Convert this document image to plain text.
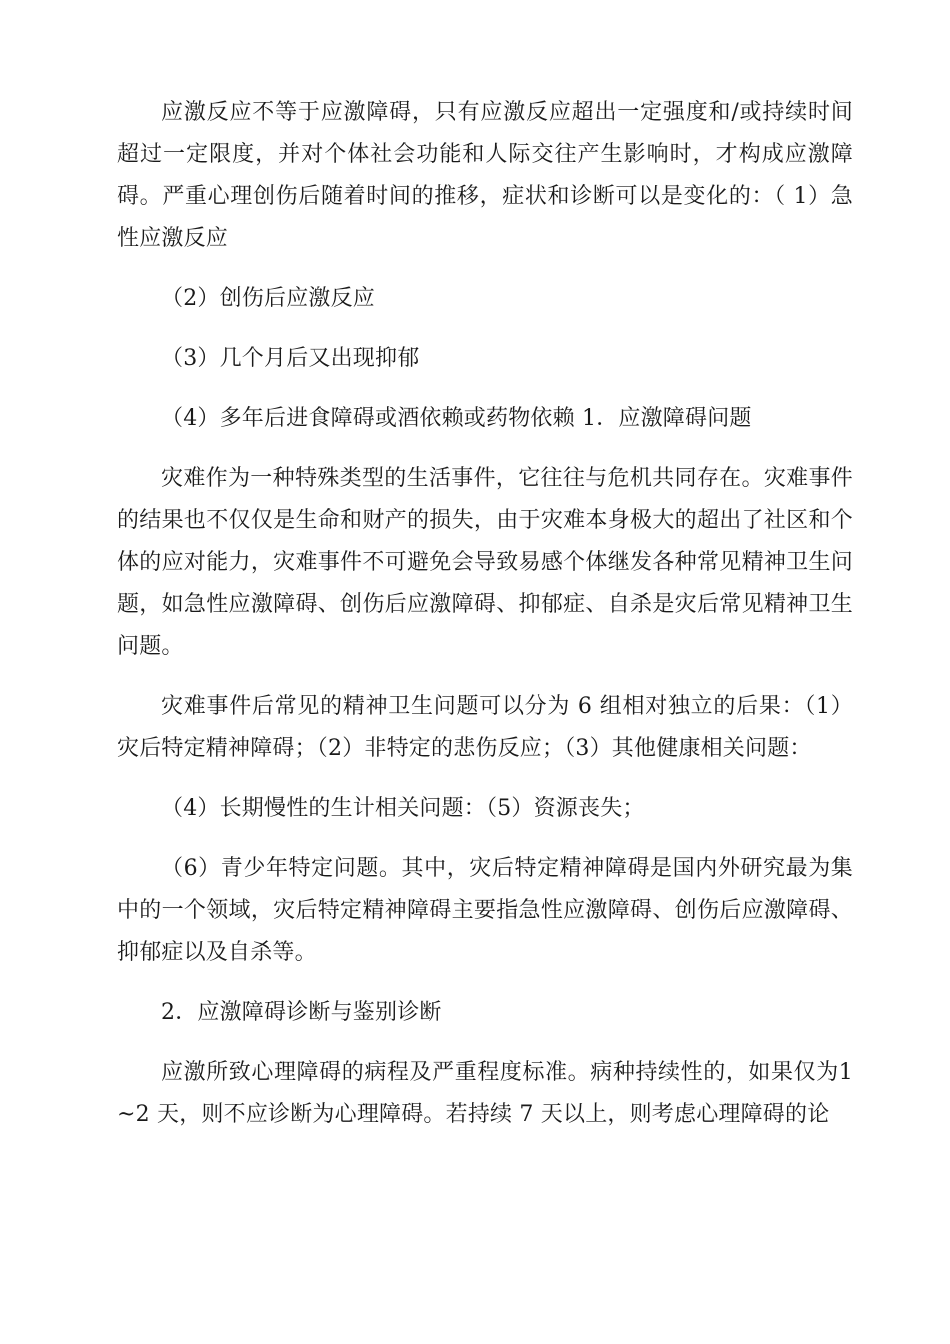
应激反应不等于应激障碍，只有应激反应超出一定强度和/或持续时间超过一定限度，并对个体社会功能和人际交往产生影响时，才构成应激障碍。严重心理创伤后随着时间的推移，症状和诊断可以是变化的：（ 1）急性应激反应

（2）创伤后应激反应

（3）几个月后又出现抑郁

（4）多年后进食障碍或酒依赖或药物依赖 1．应激障碍问题

灾难作为一种特殊类型的生活事件，它往往与危机共同存在。灾难事件的结果也不仅仅是生命和财产的损失，由于灾难本身极大的超出了社区和个体的应对能力，灾难事件不可避免会导致易感个体继发各种常见精神卫生问题，如急性应激障碍、创伤后应激障碍、抑郁症、自杀是灾后常见精神卫生问题。

灾难事件后常见的精神卫生问题可以分为 6 组相对独立的后果：（1）灾后特定精神障碍；（2）非特定的悲伤反应；（3）其他健康相关问题：

（4）长期慢性的生计相关问题：（5）资源丧失；

（6）青少年特定问题。其中，灾后特定精神障碍是国内外研究最为集中的一个领域，灾后特定精神障碍主要指急性应激障碍、创伤后应激障碍、抑郁症以及自杀等。

2．应激障碍诊断与鉴别诊断

应激所致心理障碍的病程及严重程度标准。病种持续性的，如果仅为1~2 天，则不应诊断为心理障碍。若持续 7 天以上，则考虑心理障碍的论
